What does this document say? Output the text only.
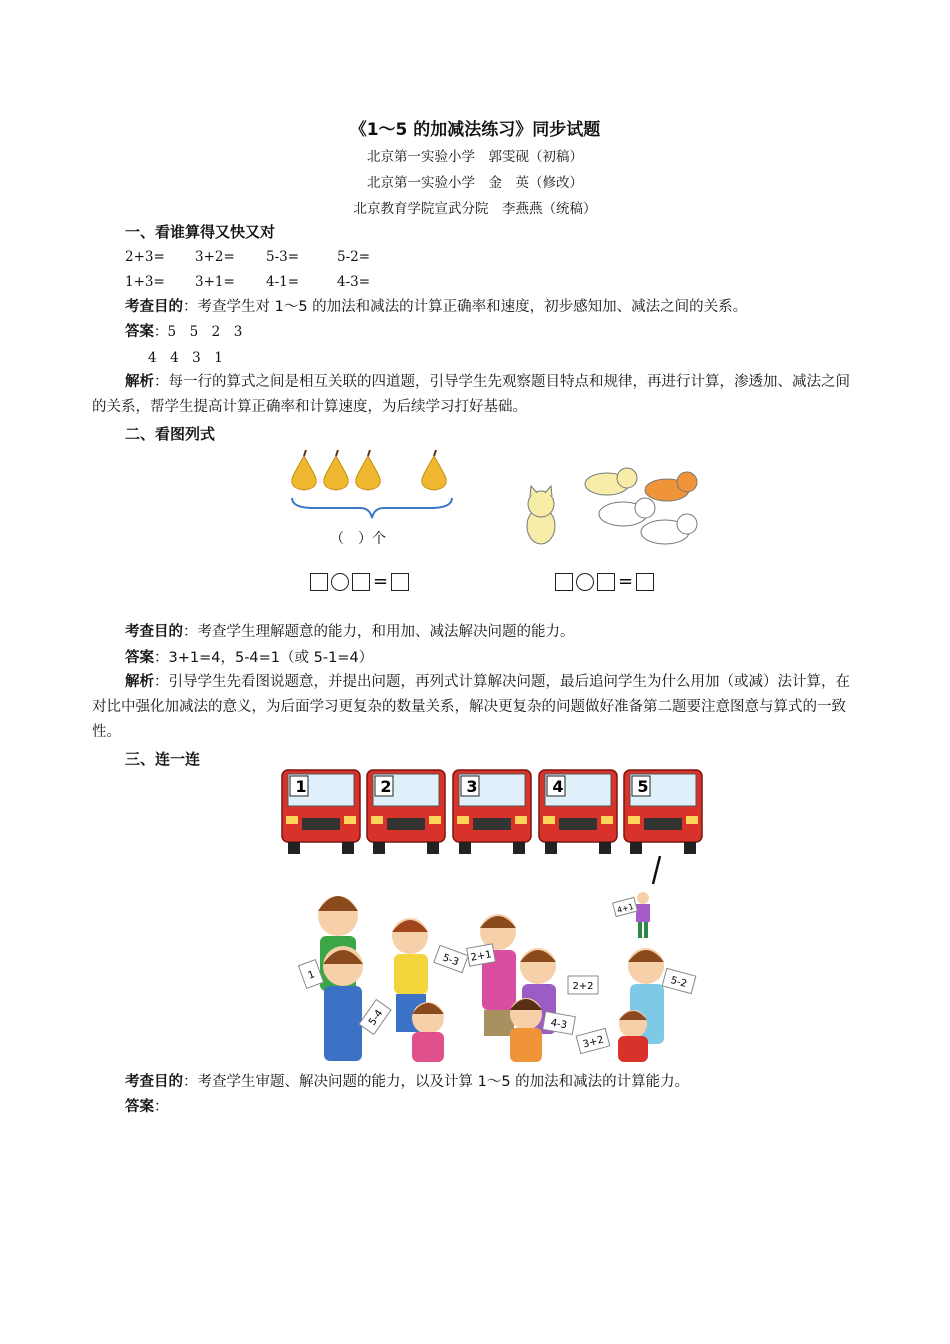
《1～5 的加减法练习》同步试题
北京第一实验小学　郭雯砚（初稿）
北京第一实验小学　金　英（修改）
北京教育学院宣武分院　李燕燕（统稿）
一、看谁算得又快又对
2+3= 3+2= 5-3=	5-2=
1+3= 3+1= 4-1=	4-3=
考查目的：考查学生对 1～5 的加法和减法的计算正确率和速度，初步感知加、减法之间的关系。
答案：5　5　2　3
4　4　3　1
解析：每一行的算式之间是相互关联的四道题，引导学生先观察题目特点和规律，再进行计算，渗透加、减法之间的关系，帮学生提高计算正确率和计算速度，为后续学习打好基础。
二、看图列式
（　）个
=	=
考查目的：考查学生理解题意的能力，和用加、减法解决问题的能力。
答案：3+1=4，5-4=1（或 5-1=4）
解析：引导学生先看图说题意，并提出问题，再列式计算解决问题，最后追问学生为什么用加（或减）法计算，在对比中强化加减法的意义，为后面学习更复杂的数量关系，解决更复杂的问题做好准备第二题要注意图意与算式的一致性。
三、连一连
1	2	3	4	5
4+1
5-3
2+2
1
5-4	4-3
3+2
5-2
2+1
考查目的：考查学生审题、解决问题的能力，以及计算 1～5 的加法和减法的计算能力。
答案：
